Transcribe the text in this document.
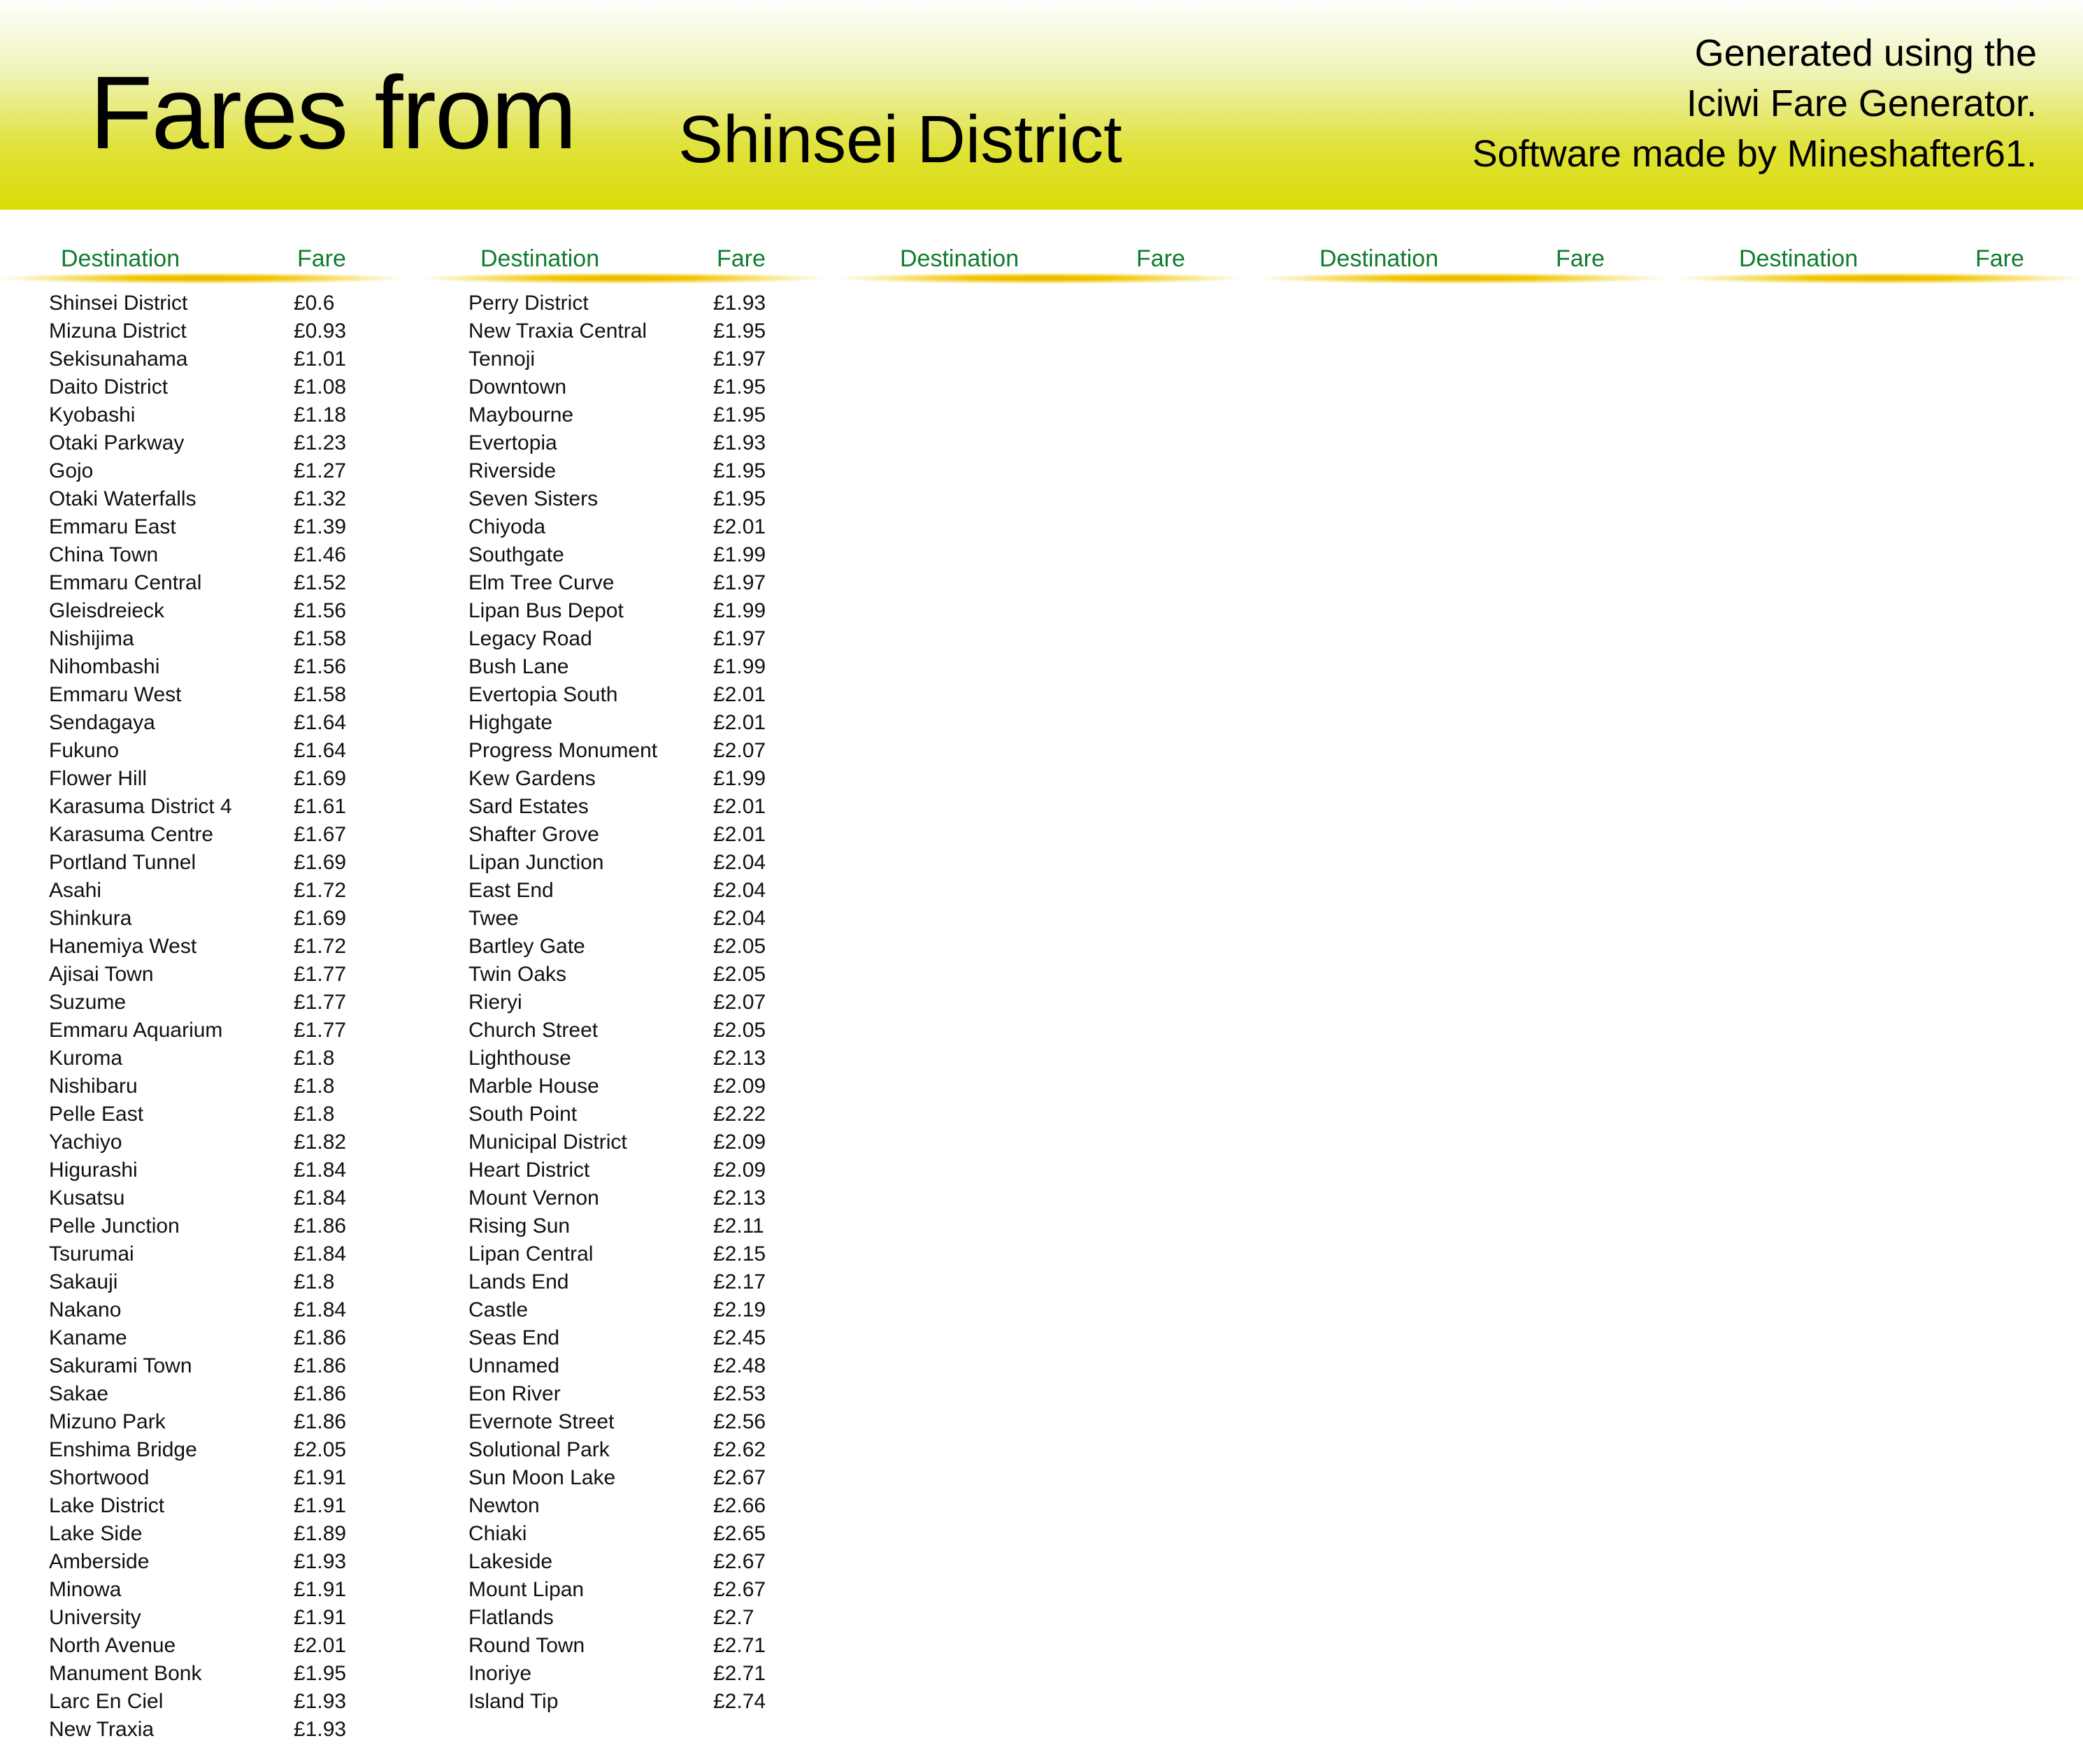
Fares from Shinsei District
Generated using the
Iciwi Fare Generator.
Software made by Mineshafter61.
Destination	Fare
Shinsei District	£0.6
Mizuna District	£0.93
Sekisunahama	£1.01
Daito District	£1.08
Kyobashi	£1.18
Otaki Parkway	£1.23
Gojo	£1.27
Otaki Waterfalls	£1.32
Emmaru East	£1.39
China Town	£1.46
Emmaru Central	£1.52
Gleisdreieck	£1.56
Nishijima	£1.58
Nihombashi	£1.56
Emmaru West	£1.58
Sendagaya	£1.64
Fukuno	£1.64
Flower Hill	£1.69
Karasuma District 4	£1.61
Karasuma Centre	£1.67
Portland Tunnel	£1.69
Asahi	£1.72
Shinkura	£1.69
Hanemiya West	£1.72
Ajisai Town	£1.77
Suzume	£1.77
Emmaru Aquarium	£1.77
Kuroma	£1.8
Nishibaru	£1.8
Pelle East	£1.8
Yachiyo	£1.82
Higurashi	£1.84
Kusatsu	£1.84
Pelle Junction	£1.86
Tsurumai	£1.84
Sakauji	£1.8
Nakano	£1.84
Kaname	£1.86
Sakurami Town	£1.86
Sakae	£1.86
Mizuno Park	£1.86
Enshima Bridge	£2.05
Shortwood	£1.91
Lake District	£1.91
Lake Side	£1.89
Amberside	£1.93
Minowa	£1.91
University	£1.91
North Avenue	£2.01
Manument Bonk	£1.95
Larc En Ciel	£1.93
New Traxia	£1.93
Destination	Fare
Perry District	£1.93
New Traxia Central	£1.95
Tennoji	£1.97
Downtown	£1.95
Maybourne	£1.95
Evertopia	£1.93
Riverside	£1.95
Seven Sisters	£1.95
Chiyoda	£2.01
Southgate	£1.99
Elm Tree Curve	£1.97
Lipan Bus Depot	£1.99
Legacy Road	£1.97
Bush Lane	£1.99
Evertopia South	£2.01
Highgate	£2.01
Progress Monument	£2.07
Kew Gardens	£1.99
Sard Estates	£2.01
Shafter Grove	£2.01
Lipan Junction	£2.04
East End	£2.04
Twee	£2.04
Bartley Gate	£2.05
Twin Oaks	£2.05
Rieryi	£2.07
Church Street	£2.05
Lighthouse	£2.13
Marble House	£2.09
South Point	£2.22
Municipal District	£2.09
Heart District	£2.09
Mount Vernon	£2.13
Rising Sun	£2.11
Lipan Central	£2.15
Lands End	£2.17
Castle	£2.19
Seas End	£2.45
Unnamed	£2.48
Eon River	£2.53
Evernote Street	£2.56
Solutional Park	£2.62
Sun Moon Lake	£2.67
Newton	£2.66
Chiaki	£2.65
Lakeside	£2.67
Mount Lipan	£2.67
Flatlands	£2.7
Round Town	£2.71
Inoriye	£2.71
Island Tip	£2.74
Destination	Fare	Destination	Fare	Destination	Fare
